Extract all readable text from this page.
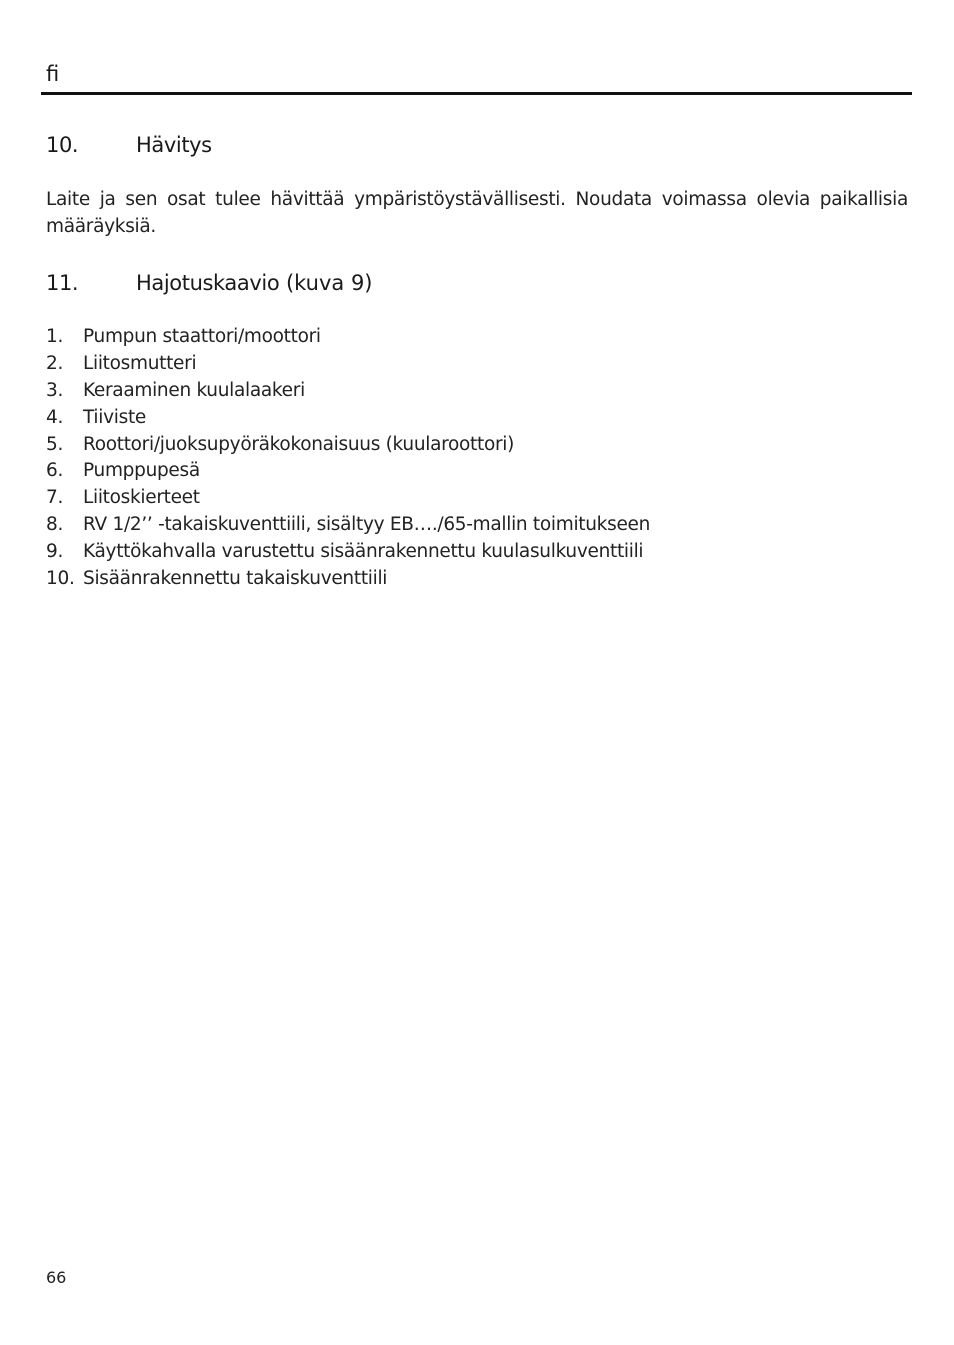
fi
10.	Hävitys

Laite ja sen osat tulee hävittää ympäristöystävällisesti. Noudata voimassa olevia paikallisia määräyksiä.

11.	Hajotuskaavio (kuva 9)
1. Pumpun staattori/moottori
2. Liitosmutteri
3. Keraaminen kuulalaakeri
4. Tiiviste
5. Roottori/juoksupyöräkokonaisuus (kuularoottori)
6. Pumppupesä
7. Liitoskierteet
8. RV 1/2’’ -takaiskuventtiili, sisältyy EB…./65-mallin toimitukseen
9. Käyttökahvalla varustettu sisäänrakennettu kuulasulkuventtiili
10. Sisäänrakennettu takaiskuventtiili
66
